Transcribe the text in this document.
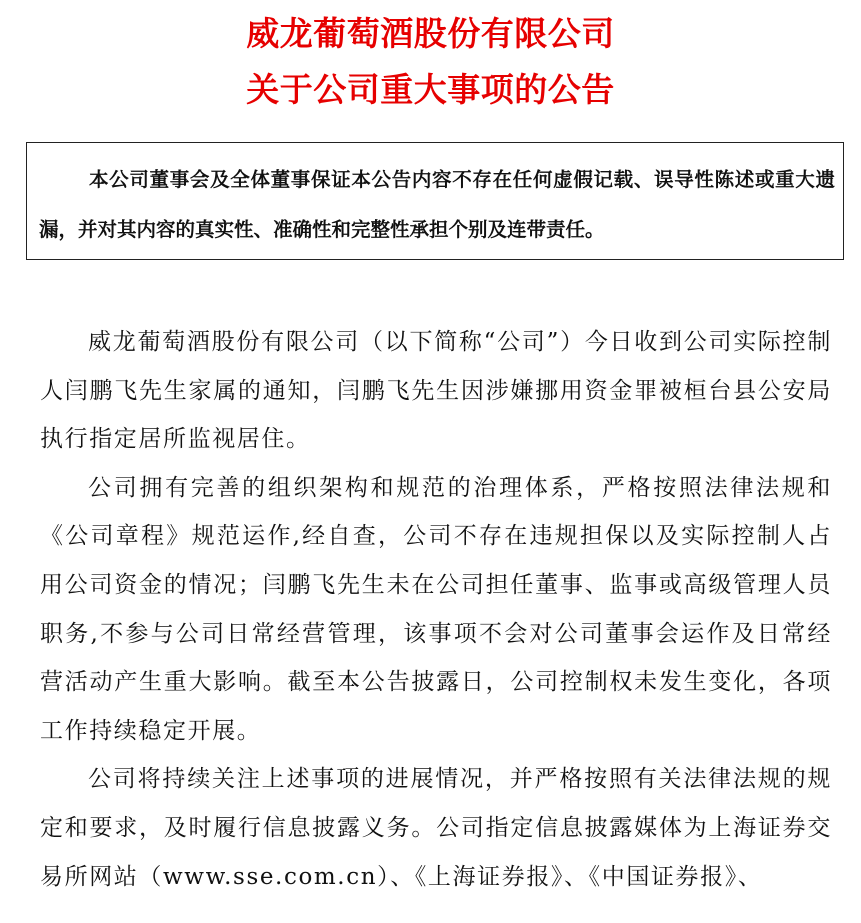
威龙葡萄酒股份有限公司
关于公司重大事项的公告
本公司董事会及全体董事保证本公告内容不存在任何虚假记载、误导性陈述或重大遗漏，并对其内容的真实性、准确性和完整性承担个别及连带责任。

威龙葡萄酒股份有限公司（以下简称“公司”）今日收到公司实际控制人闫鹏飞先生家属的通知，闫鹏飞先生因涉嫌挪用资金罪被桓台县公安局执行指定居所监视居住。

公司拥有完善的组织架构和规范的治理体系，严格按照法律法规和《公司章程》规范运作,经自查，公司不存在违规担保以及实际控制人占用公司资金的情况；闫鹏飞先生未在公司担任董事、监事或高级管理人员职务,不参与公司日常经营管理，该事项不会对公司董事会运作及日常经营活动产生重大影响。截至本公告披露日，公司控制权未发生变化，各项工作持续稳定开展。

公司将持续关注上述事项的进展情况，并严格按照有关法律法规的规定和要求，及时履行信息披露义务。公司指定信息披露媒体为上海证券交易所网站（www.sse.com.cn）、《上海证券报》、《中国证券报》、
